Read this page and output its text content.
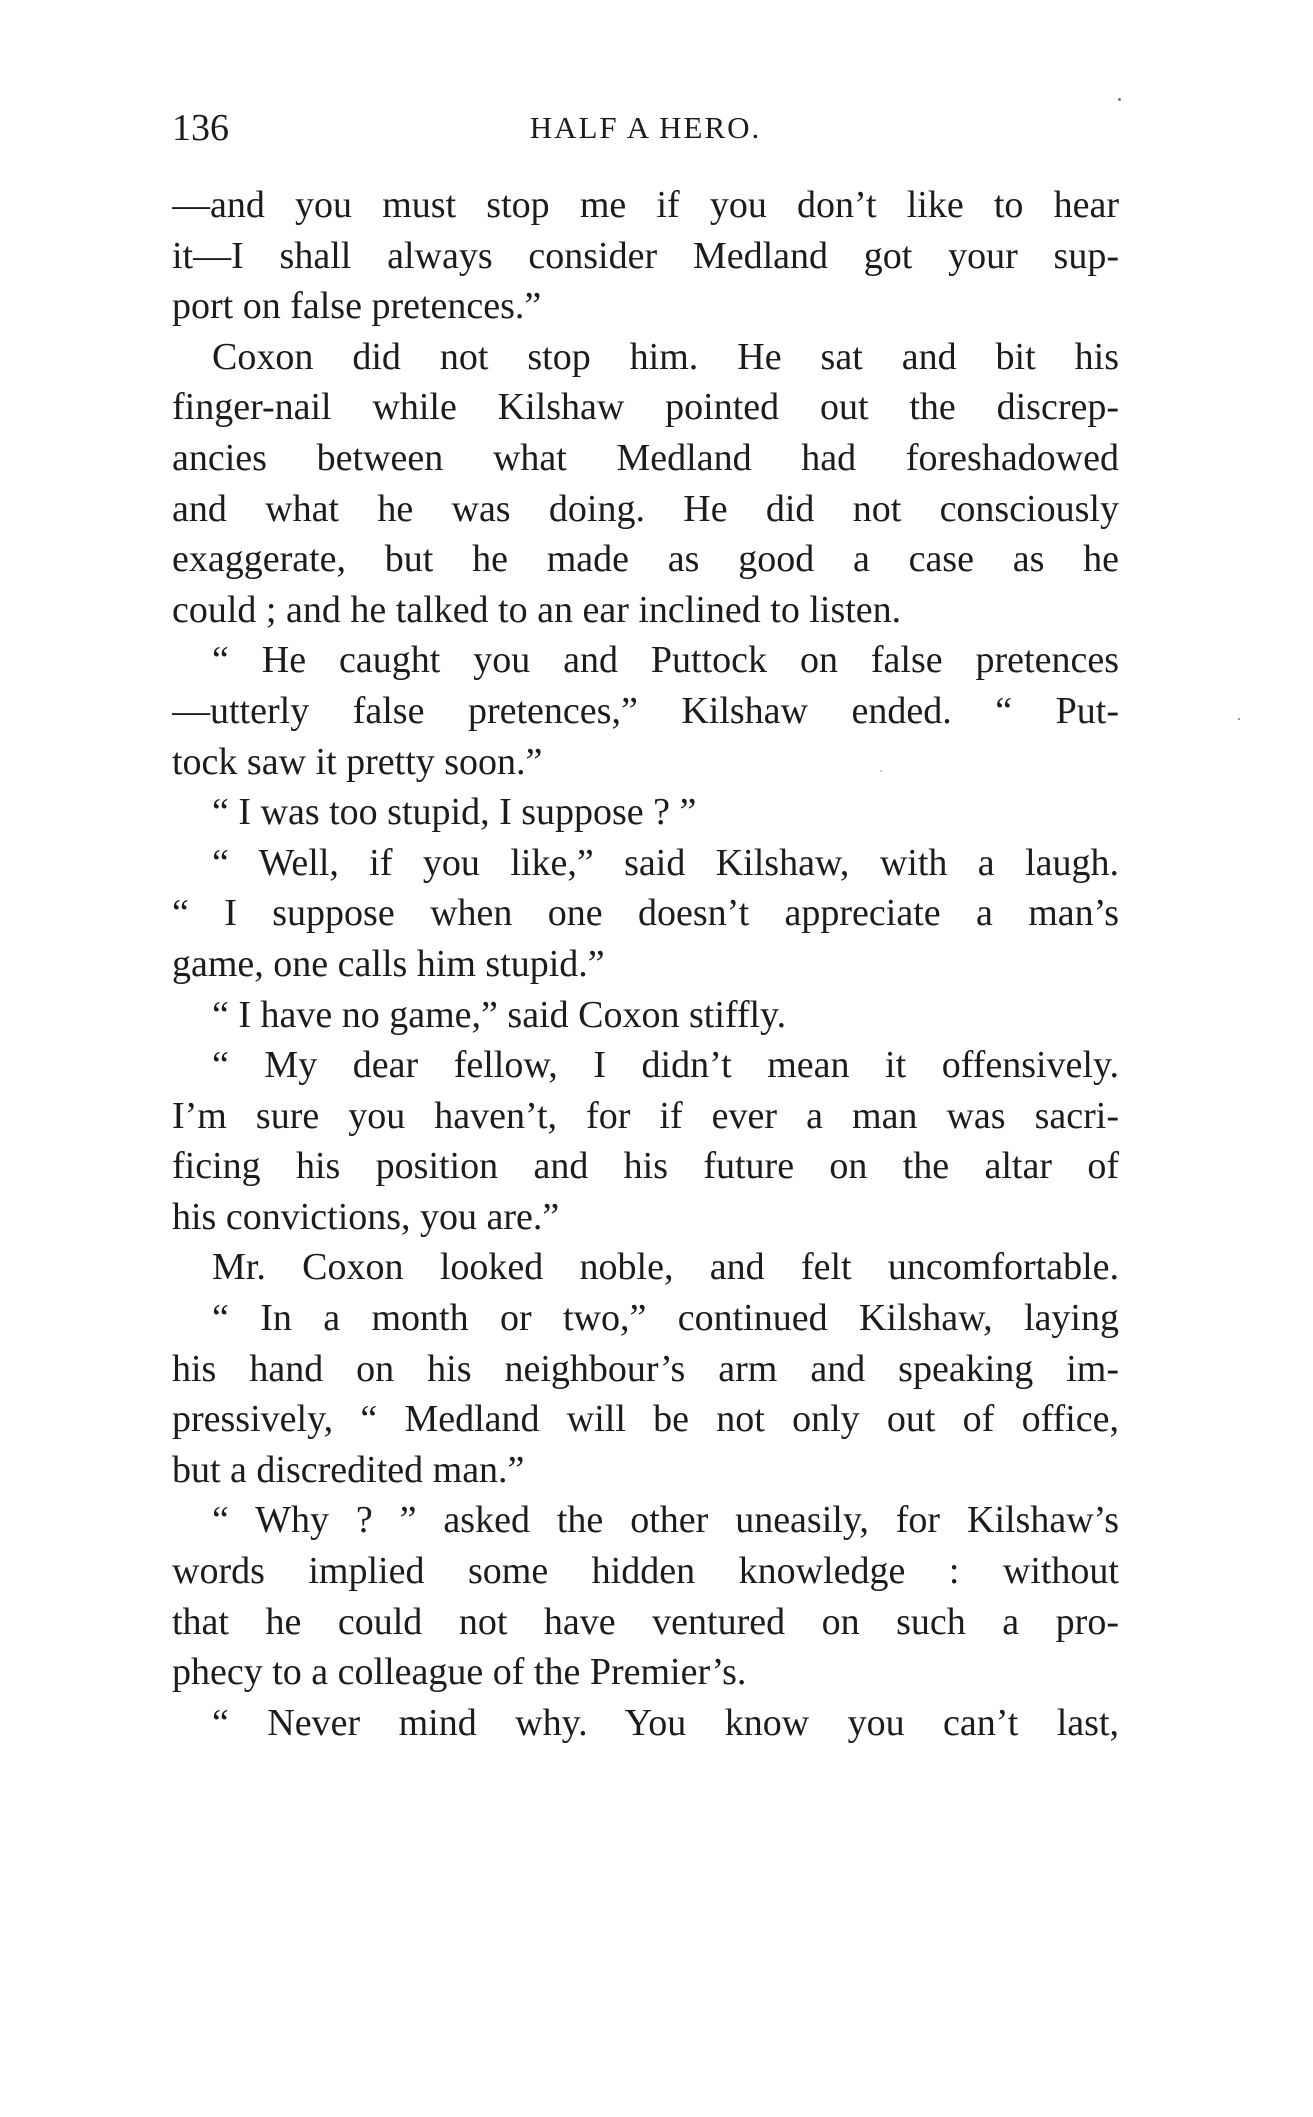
136	HALF A HERO.
—and you must stop me if you don’t like to hear
it—I shall always consider Medland got your sup-
port on false pretences.”
Coxon did not stop him. He sat and bit his
finger-nail while Kilshaw pointed out the discrep-
ancies between what Medland had foreshadowed
and what he was doing. He did not consciously
exaggerate, but he made as good a case as he
could ; and he talked to an ear inclined to listen.
“ He caught you and Puttock on false pretences
—utterly false pretences,” Kilshaw ended. “ Put-
tock saw it pretty soon.”
“ I was too stupid, I suppose ? ”
“ Well, if you like,” said Kilshaw, with a laugh.
“ I suppose when one doesn’t appreciate a man’s
game, one calls him stupid.”
“ I have no game,” said Coxon stiffly.
“ My dear fellow, I didn’t mean it offensively.
I’m sure you haven’t, for if ever a man was sacri-
ficing his position and his future on the altar of
his convictions, you are.”
Mr. Coxon looked noble, and felt uncomfortable.
“ In a month or two,” continued Kilshaw, laying
his hand on his neighbour’s arm and speaking im-
pressively, “ Medland will be not only out of office,
but a discredited man.”
“ Why ? ” asked the other uneasily, for Kilshaw’s
words implied some hidden knowledge : without
that he could not have ventured on such a pro-
phecy to a colleague of the Premier’s.
“ Never mind why. You know you can’t last,
